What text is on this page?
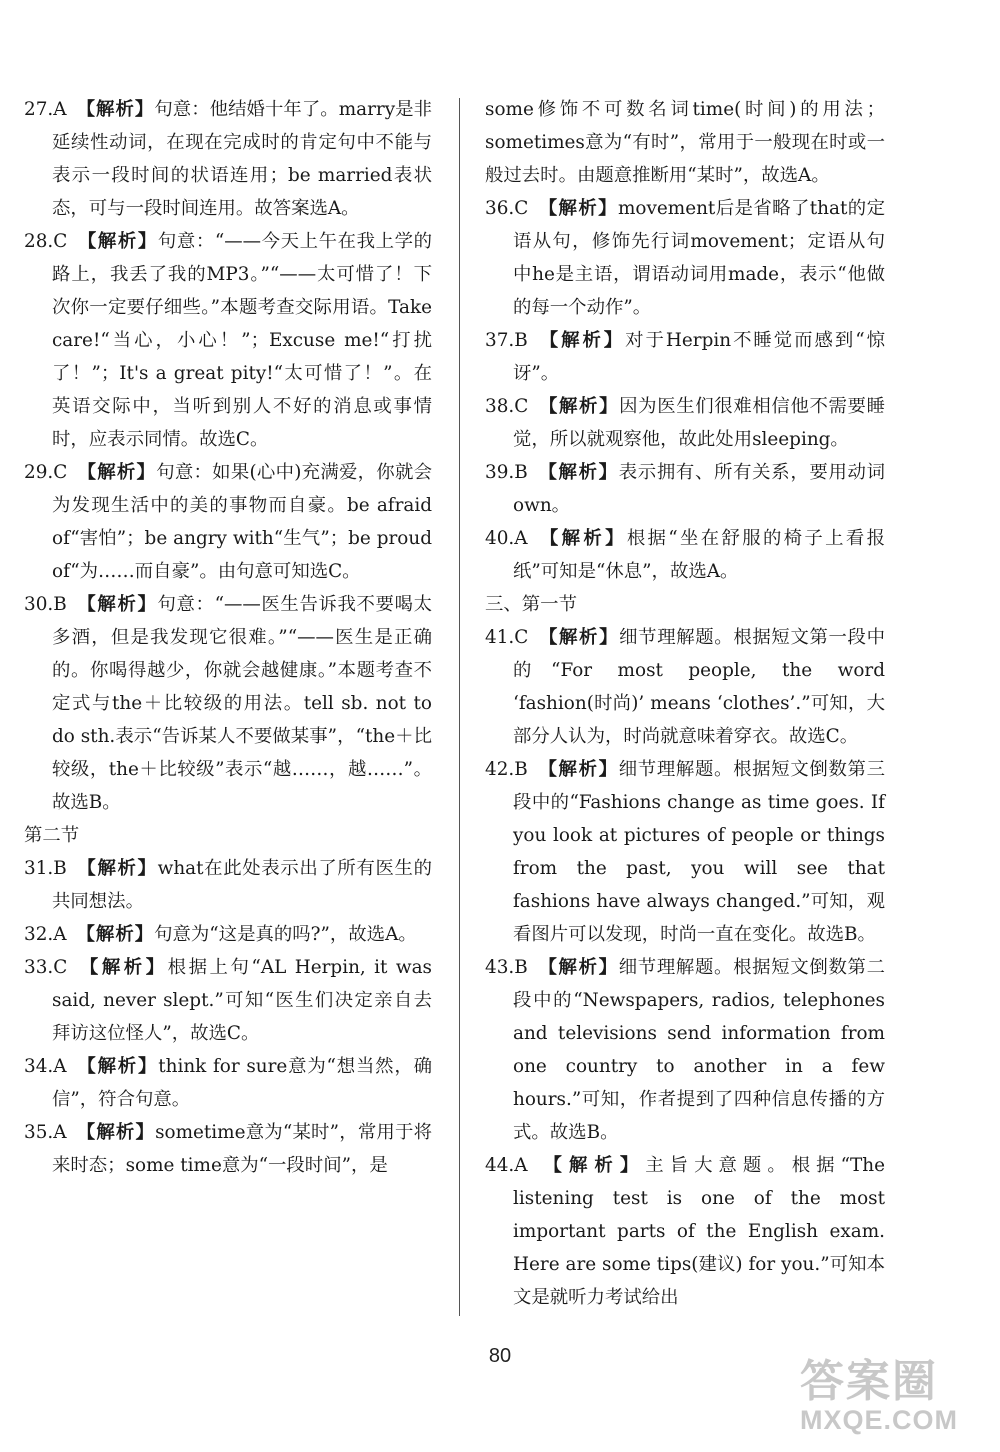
27.A 【解析】句意：他结婚十年了。marry是非延续性动词，在现在完成时的肯定句中不能与表示一段时间的状语连用；be married表状态，可与一段时间连用。故答案选A。

28.C 【解析】句意：“——今天上午在我上学的路上，我丢了我的MP3。”“——太可惜了！下次你一定要仔细些。”本题考查交际用语。Take care!“当心，小心！”；Excuse me!“打扰了！”；It's a great pity!“太可惜了！”。在英语交际中，当听到别人不好的消息或事情时，应表示同情。故选C。

29.C 【解析】句意：如果(心中)充满爱，你就会为发现生活中的美的事物而自豪。be afraid of“害怕”；be angry with“生气”；be proud of“为……而自豪”。由句意可知选C。

30.B 【解析】句意：“——医生告诉我不要喝太多酒，但是我发现它很难。”“——医生是正确的。你喝得越少，你就会越健康。”本题考查不定式与the＋比较级的用法。tell sb. not to do sth.表示“告诉某人不要做某事”，“the＋比较级，the＋比较级”表示“越……，越……”。故选B。

第二节

31.B 【解析】what在此处表示出了所有医生的共同想法。

32.A 【解析】句意为“这是真的吗?”，故选A。

33.C 【解析】根据上句“AL Herpin, it was said, never slept.”可知“医生们决定亲自去拜访这位怪人”，故选C。

34.A 【解析】think for sure意为“想当然，确信”，符合句意。

35.A 【解析】sometime意为“某时”，常用于将来时态；some time意为“一段时间”，是

some修饰不可数名词time(时间)的用法；sometimes意为“有时”，常用于一般现在时或一般过去时。由题意推断用“某时”，故选A。

36.C 【解析】movement后是省略了that的定语从句，修饰先行词movement；定语从句中he是主语，谓语动词用made，表示“他做的每一个动作”。

37.B 【解析】对于Herpin不睡觉而感到“惊讶”。

38.C 【解析】因为医生们很难相信他不需要睡觉，所以就观察他，故此处用sleeping。

39.B 【解析】表示拥有、所有关系，要用动词own。

40.A 【解析】根据“坐在舒服的椅子上看报纸”可知是“休息”，故选A。

三、第一节

41.C 【解析】细节理解题。根据短文第一段中的“For most people, the word ‘fashion(时尚)’ means ‘clothes’.”可知，大部分人认为，时尚就意味着穿衣。故选C。

42.B 【解析】细节理解题。根据短文倒数第三段中的“Fashions change as time goes. If you look at pictures of people or things from the past, you will see that fashions have always changed.”可知，观看图片可以发现，时尚一直在变化。故选B。

43.B 【解析】细节理解题。根据短文倒数第二段中的“Newspapers, radios, telephones and televisions send information from one country to another in a few hours.”可知，作者提到了四种信息传播的方式。故选B。

44.A 【解析】主旨大意题。根据“The listening test is one of the most important parts of the English exam. Here are some tips(建议) for you.”可知本文是就听力考试给出

80	答案圈
MXQE.COM
